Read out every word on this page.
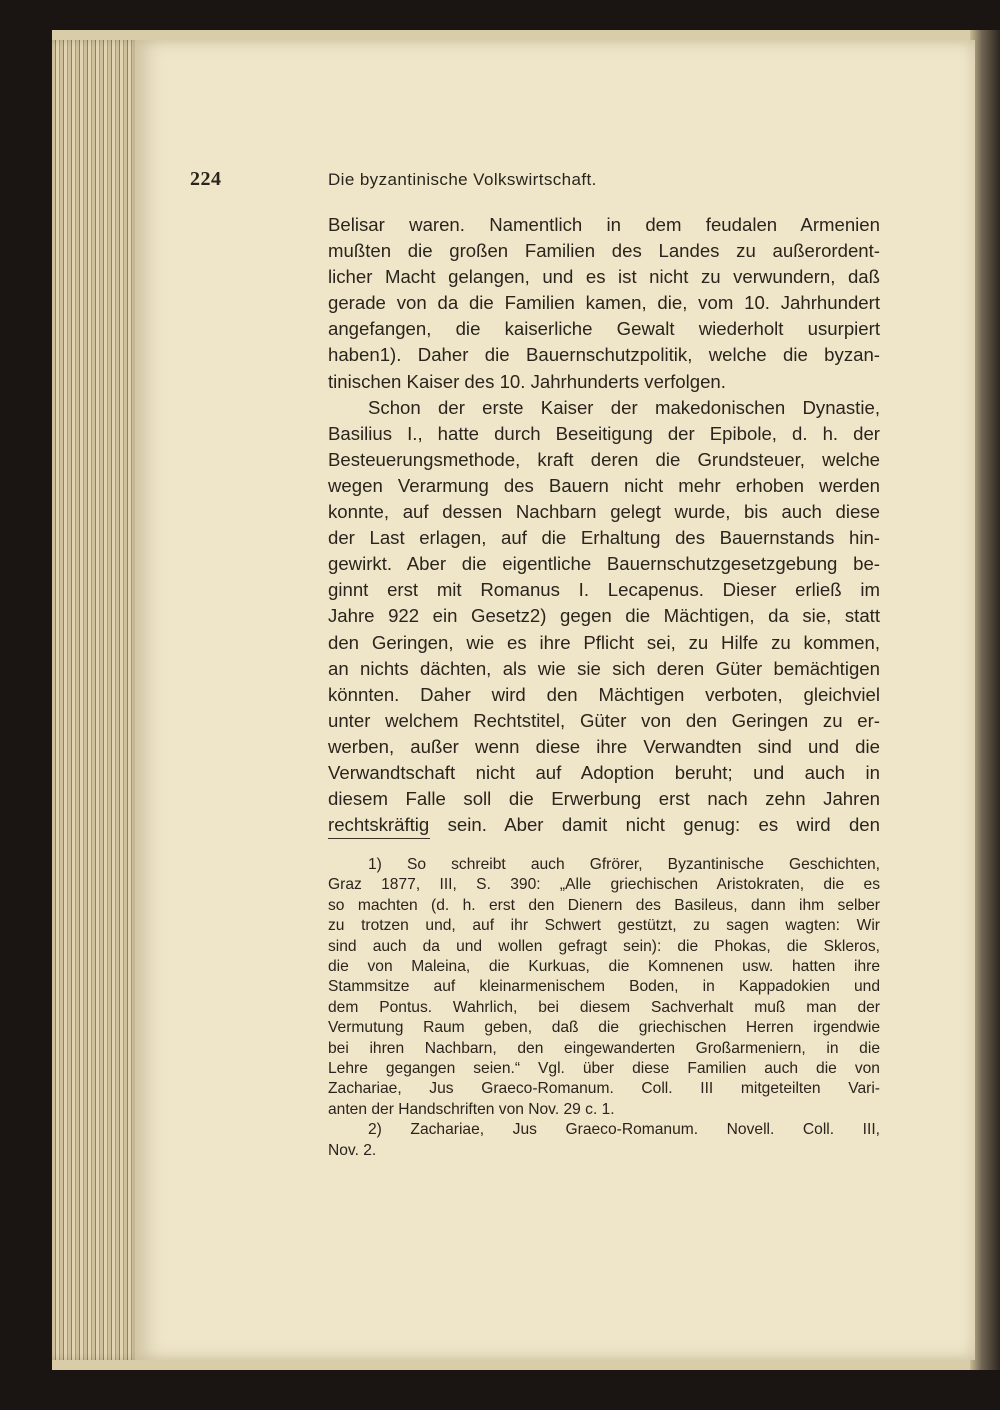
224	Die byzantinische Volkswirtschaft.

Belisar waren. Namentlich in dem feudalen Armenien
mußten die großen Familien des Landes zu außerordent-
licher Macht gelangen, und es ist nicht zu verwundern, daß
gerade von da die Familien kamen, die, vom 10. Jahrhundert
angefangen, die kaiserliche Gewalt wiederholt usurpiert
haben1). Daher die Bauernschutzpolitik, welche die byzan-
tinischen Kaiser des 10. Jahrhunderts verfolgen.

Schon der erste Kaiser der makedonischen Dynastie,
Basilius I., hatte durch Beseitigung der Epibole, d. h. der
Besteuerungsmethode, kraft deren die Grundsteuer, welche
wegen Verarmung des Bauern nicht mehr erhoben werden
konnte, auf dessen Nachbarn gelegt wurde, bis auch diese
der Last erlagen, auf die Erhaltung des Bauernstands hin-
gewirkt. Aber die eigentliche Bauernschutzgesetzgebung be-
ginnt erst mit Romanus I. Lecapenus. Dieser erließ im
Jahre 922 ein Gesetz2) gegen die Mächtigen, da sie, statt
den Geringen, wie es ihre Pflicht sei, zu Hilfe zu kommen,
an nichts dächten, als wie sie sich deren Güter bemächtigen
könnten. Daher wird den Mächtigen verboten, gleichviel
unter welchem Rechtstitel, Güter von den Geringen zu er-
werben, außer wenn diese ihre Verwandten sind und die
Verwandtschaft nicht auf Adoption beruht; und auch in
diesem Falle soll die Erwerbung erst nach zehn Jahren
rechtskräftig sein. Aber damit nicht genug: es wird den

1) So schreibt auch Gfrörer, Byzantinische Geschichten,
Graz 1877, III, S. 390: „Alle griechischen Aristokraten, die es
so machten (d. h. erst den Dienern des Basileus, dann ihm selber
zu trotzen und, auf ihr Schwert gestützt, zu sagen wagten: Wir
sind auch da und wollen gefragt sein): die Phokas, die Skleros,
die von Maleina, die Kurkuas, die Komnenen usw. hatten ihre
Stammsitze auf kleinarmenischem Boden, in Kappadokien und
dem Pontus. Wahrlich, bei diesem Sachverhalt muß man der
Vermutung Raum geben, daß die griechischen Herren irgendwie
bei ihren Nachbarn, den eingewanderten Großarmeniern, in die
Lehre gegangen seien.“ Vgl. über diese Familien auch die von
Zachariae, Jus Graeco-Romanum. Coll. III mitgeteilten Vari-
anten der Handschriften von Nov. 29 c. 1.
2) Zachariae, Jus Graeco-Romanum. Novell. Coll. III,
Nov. 2.
